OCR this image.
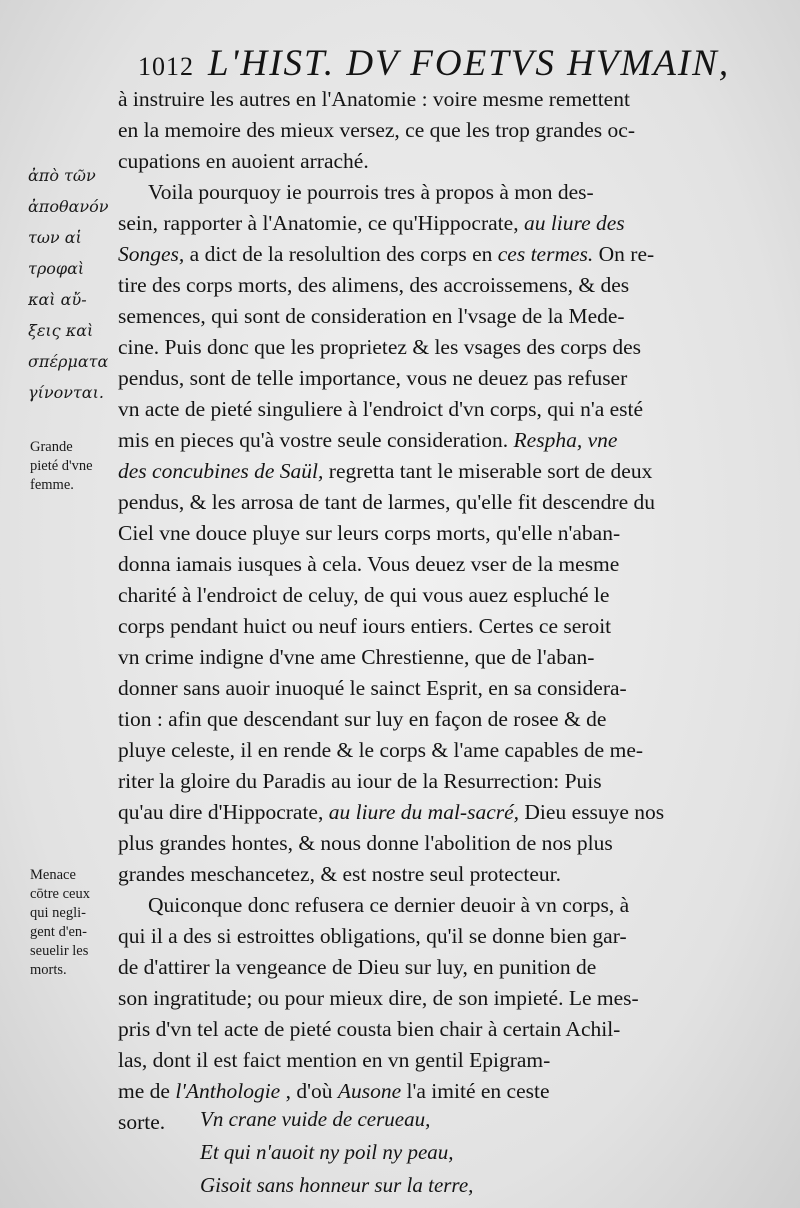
1012 L'HIST. DV FOETVS HVMAIN,
ἀπὸ τῶν
ἀποθανόν
των αἱ
τροφαὶ
καὶ αὔ-
ξεις καὶ
σπέρματα
γίνονται.
Grande
pieté d'vne
femme.
Menace
cōtre ceux
qui negli-
gent d'en-
seuelir les
morts.

à instruire les autres en l'Anatomie : voire mesme remettent
en la memoire des mieux versez, ce que les trop grandes oc-
cupations en auoient arraché.

Voila pourquoy ie pourrois tres à propos à mon des-
sein, rapporter à l'Anatomie, ce qu'Hippocrate, au liure des
Songes, a dict de la resolultion des corps en ces termes. On re-
tire des corps morts, des alimens, des accroissemens, & des
semences, qui sont de consideration en l'vsage de la Mede-
cine. Puis donc que les proprietez & les vsages des corps des
pendus, sont de telle importance, vous ne deuez pas refuser
vn acte de pieté singuliere à l'endroict d'vn corps, qui n'a esté
mis en pieces qu'à vostre seule consideration. Respha, vne
des concubines de Saül, regretta tant le miserable sort de deux
pendus, & les arrosa de tant de larmes, qu'elle fit descendre du
Ciel vne douce pluye sur leurs corps morts, qu'elle n'aban-
donna iamais iusques à cela. Vous deuez vser de la mesme
charité à l'endroict de celuy, de qui vous auez espluché le
corps pendant huict ou neuf iours entiers. Certes ce seroit
vn crime indigne d'vne ame Chrestienne, que de l'aban-
donner sans auoir inuoqué le sainct Esprit, en sa considera-
tion : afin que descendant sur luy en façon de rosee & de
pluye celeste, il en rende & le corps & l'ame capables de me-
riter la gloire du Paradis au iour de la Resurrection: Puis
qu'au dire d'Hippocrate, au liure du mal-sacré, Dieu essuye nos
plus grandes hontes, & nous donne l'abolition de nos plus
grandes meschancetez, & est nostre seul protecteur.

Quiconque donc refusera ce dernier deuoir à vn corps, à
qui il a des si estroittes obligations, qu'il se donne bien gar-
de d'attirer la vengeance de Dieu sur luy, en punition de
son ingratitude; ou pour mieux dire, de son impieté. Le mes-
pris d'vn tel acte de pieté cousta bien chair à certain Achil-
las, dont il est faict mention en vn gentil Epigram-
me de l'Anthologie , d'où Ausone l'a imité en ceste
sorte.	Vn crane vuide de cerueau,
Et qui n'auoit ny poil ny peau,
Gisoit sans honneur sur la terre,
